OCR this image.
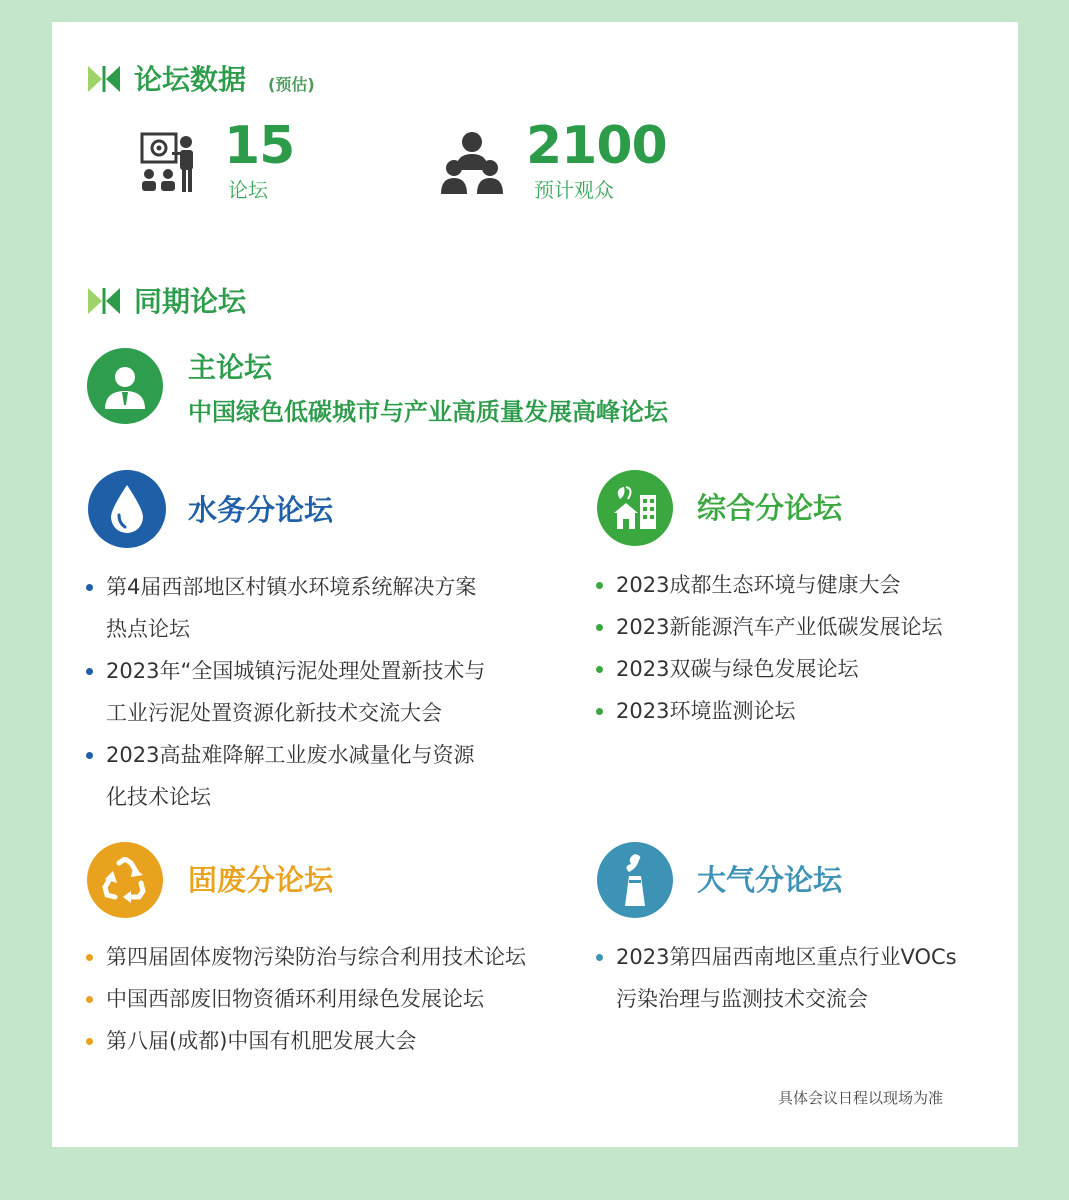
论坛数据 (预估)
15
论坛
2100
预计观众
同期论坛
主论坛
中国绿色低碳城市与产业高质量发展高峰论坛
水务分论坛
第4届西部地区村镇水环境系统解决方案
热点论坛
2023年“全国城镇污泥处理处置新技术与
工业污泥处置资源化新技术交流大会
2023高盐难降解工业废水减量化与资源
化技术论坛
综合分论坛
2023成都生态环境与健康大会
2023新能源汽车产业低碳发展论坛
2023双碳与绿色发展论坛
2023环境监测论坛
固废分论坛
第四届固体废物污染防治与综合利用技术论坛
中国西部废旧物资循环利用绿色发展论坛
第八届(成都)中国有机肥发展大会
大气分论坛
2023第四届西南地区重点行业VOCs
污染治理与监测技术交流会
具体会议日程以现场为准
